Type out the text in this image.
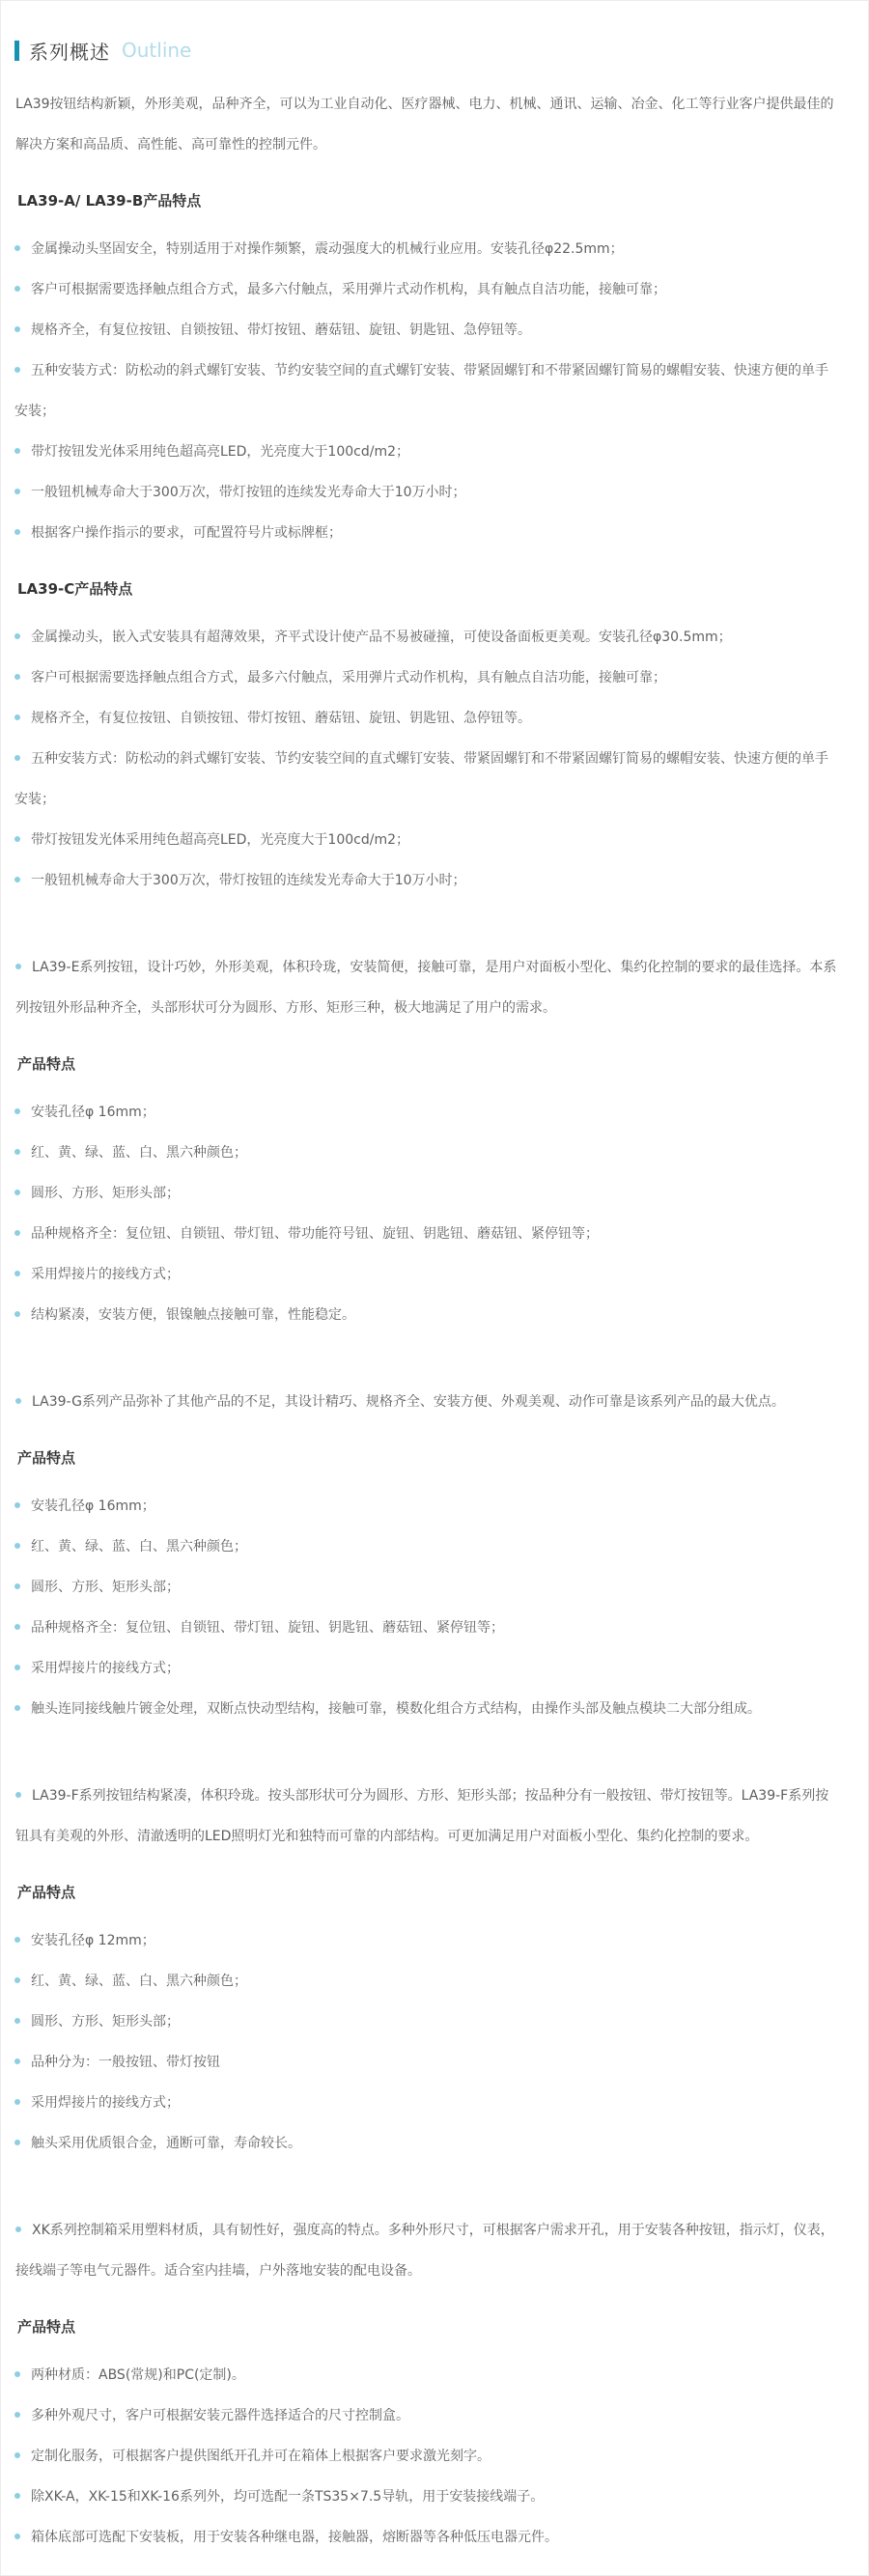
系列概述 Outline
LA39按钮结构新颖，外形美观，品种齐全，可以为工业自动化、医疗器械、电力、机械、通讯、运输、冶金、化工等行业客户提供最佳的解决方案和高品质、高性能、高可靠性的控制元件。
LA39-A/ LA39-B产品特点
金属操动头坚固安全，特别适用于对操作频繁，震动强度大的机械行业应用。安装孔径φ22.5mm；
客户可根据需要选择触点组合方式，最多六付触点，采用弹片式动作机构，具有触点自洁功能，接触可靠；
规格齐全，有复位按钮、自锁按钮、带灯按钮、蘑菇钮、旋钮、钥匙钮、急停钮等。
五种安装方式：防松动的斜式螺钉安装、节约安装空间的直式螺钉安装、带紧固螺钉和不带紧固螺钉简易的螺帽安装、快速方便的单手安装；
带灯按钮发光体采用纯色超高亮LED，光亮度大于100cd/m2；
一般钮机械寿命大于300万次，带灯按钮的连续发光寿命大于10万小时；
根据客户操作指示的要求，可配置符号片或标牌框；
LA39-C产品特点
金属操动头，嵌入式安装具有超薄效果，齐平式设计使产品不易被碰撞，可使设备面板更美观。安装孔径φ30.5mm；
客户可根据需要选择触点组合方式，最多六付触点，采用弹片式动作机构，具有触点自洁功能，接触可靠；
规格齐全，有复位按钮、自锁按钮、带灯按钮、蘑菇钮、旋钮、钥匙钮、急停钮等。
五种安装方式：防松动的斜式螺钉安装、节约安装空间的直式螺钉安装、带紧固螺钉和不带紧固螺钉简易的螺帽安装、快速方便的单手安装；
带灯按钮发光体采用纯色超高亮LED，光亮度大于100cd/m2；
一般钮机械寿命大于300万次，带灯按钮的连续发光寿命大于10万小时；
LA39-E系列按钮，设计巧妙，外形美观，体积玲珑，安装简便，接触可靠，是用户对面板小型化、集约化控制的要求的最佳选择。本系列按钮外形品种齐全，头部形状可分为圆形、方形、矩形三种，极大地满足了用户的需求。
产品特点
安装孔径φ 16mm；
红、黄、绿、蓝、白、黑六种颜色；
圆形、方形、矩形头部；
品种规格齐全：复位钮、自锁钮、带灯钮、带功能符号钮、旋钮、钥匙钮、蘑菇钮、紧停钮等；
采用焊接片的接线方式；
结构紧凑，安装方便，银镍触点接触可靠，性能稳定。
LA39-G系列产品弥补了其他产品的不足，其设计精巧、规格齐全、安装方便、外观美观、动作可靠是该系列产品的最大优点。
产品特点
安装孔径φ 16mm；
红、黄、绿、蓝、白、黑六种颜色；
圆形、方形、矩形头部；
品种规格齐全：复位钮、自锁钮、带灯钮、旋钮、钥匙钮、蘑菇钮、紧停钮等；
采用焊接片的接线方式；
触头连同接线触片镀金处理，双断点快动型结构，接触可靠，模数化组合方式结构，由操作头部及触点模块二大部分组成。
LA39-F系列按钮结构紧凑，体积玲珑。按头部形状可分为圆形、方形、矩形头部；按品种分有一般按钮、带灯按钮等。LA39-F系列按钮具有美观的外形、清澈透明的LED照明灯光和独特而可靠的内部结构。可更加满足用户对面板小型化、集约化控制的要求。
产品特点
安装孔径φ 12mm；
红、黄、绿、蓝、白、黑六种颜色；
圆形、方形、矩形头部；
品种分为：一般按钮、带灯按钮
采用焊接片的接线方式；
触头采用优质银合金，通断可靠，寿命较长。
XK系列控制箱采用塑料材质，具有韧性好，强度高的特点。多种外形尺寸，可根据客户需求开孔，用于安装各种按钮，指示灯，仪表，接线端子等电气元器件。适合室内挂墙，户外落地安装的配电设备。
产品特点
两种材质：ABS(常规)和PC(定制)。
多种外观尺寸，客户可根据安装元器件选择适合的尺寸控制盒。
定制化服务，可根据客户提供图纸开孔并可在箱体上根据客户要求激光刻字。
除XK-A，XK-15和XK-16系列外，均可选配一条TS35×7.5导轨，用于安装接线端子。
箱体底部可选配下安装板，用于安装各种继电器，接触器，熔断器等各种低压电器元件。
